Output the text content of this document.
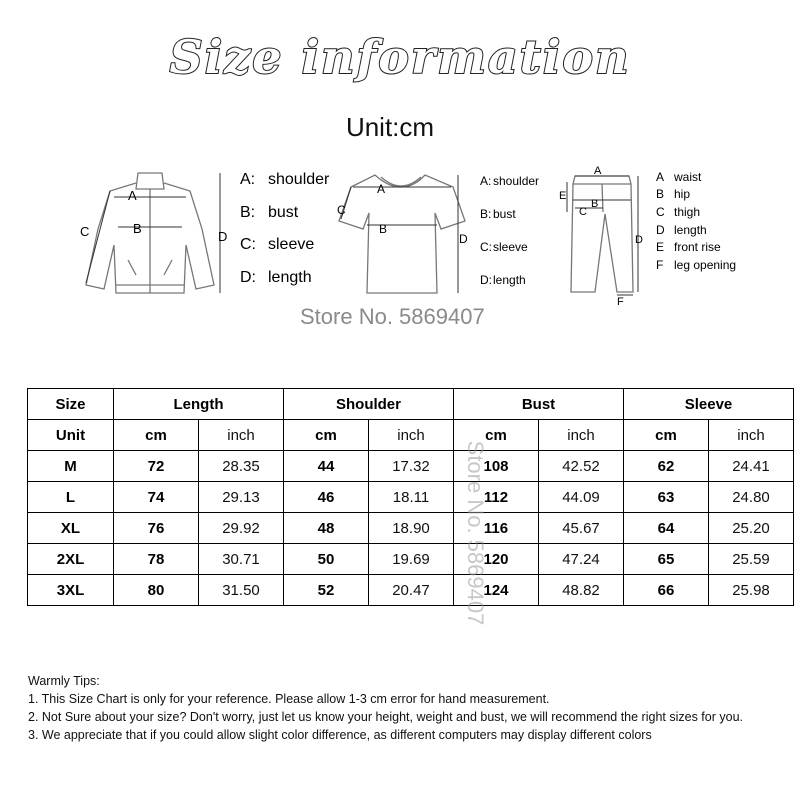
Size information
Unit:cm
A
B
C	D
A: shoulder
B: bust
C: sleeve
D: length
A
B
C
D
A: shoulder
B: bust
C: sleeve
D: length
A
B
C
D
E
F
A waist
B hip
C thigh
D length
E front rise
F leg opening
Store No. 5869407
Size	Length		Shoulder		Bust		Sleeve	
Unit	cm	inch	cm	inch	cm	inch	cm	inch
M	72	28.35	44	17.32	108	42.52	62	24.41
L	74	29.13	46	18.11	112	44.09	63	24.80
XL	76	29.92	48	18.90	116	45.67	64	25.20
2XL	78	30.71	50	19.69	120	47.24	65	25.59
3XL	80	31.50	52	20.47	124	48.82	66	25.98
Store No. 5869407
Warmly Tips:
1. This Size Chart is only for your reference. Please allow 1-3 cm error for hand measurement.
2. Not Sure about your size? Don't worry, just let us know your height, weight and bust, we will recommend the right sizes for you.
3. We appreciate that if you could allow slight color difference, as different computers may display different colors
